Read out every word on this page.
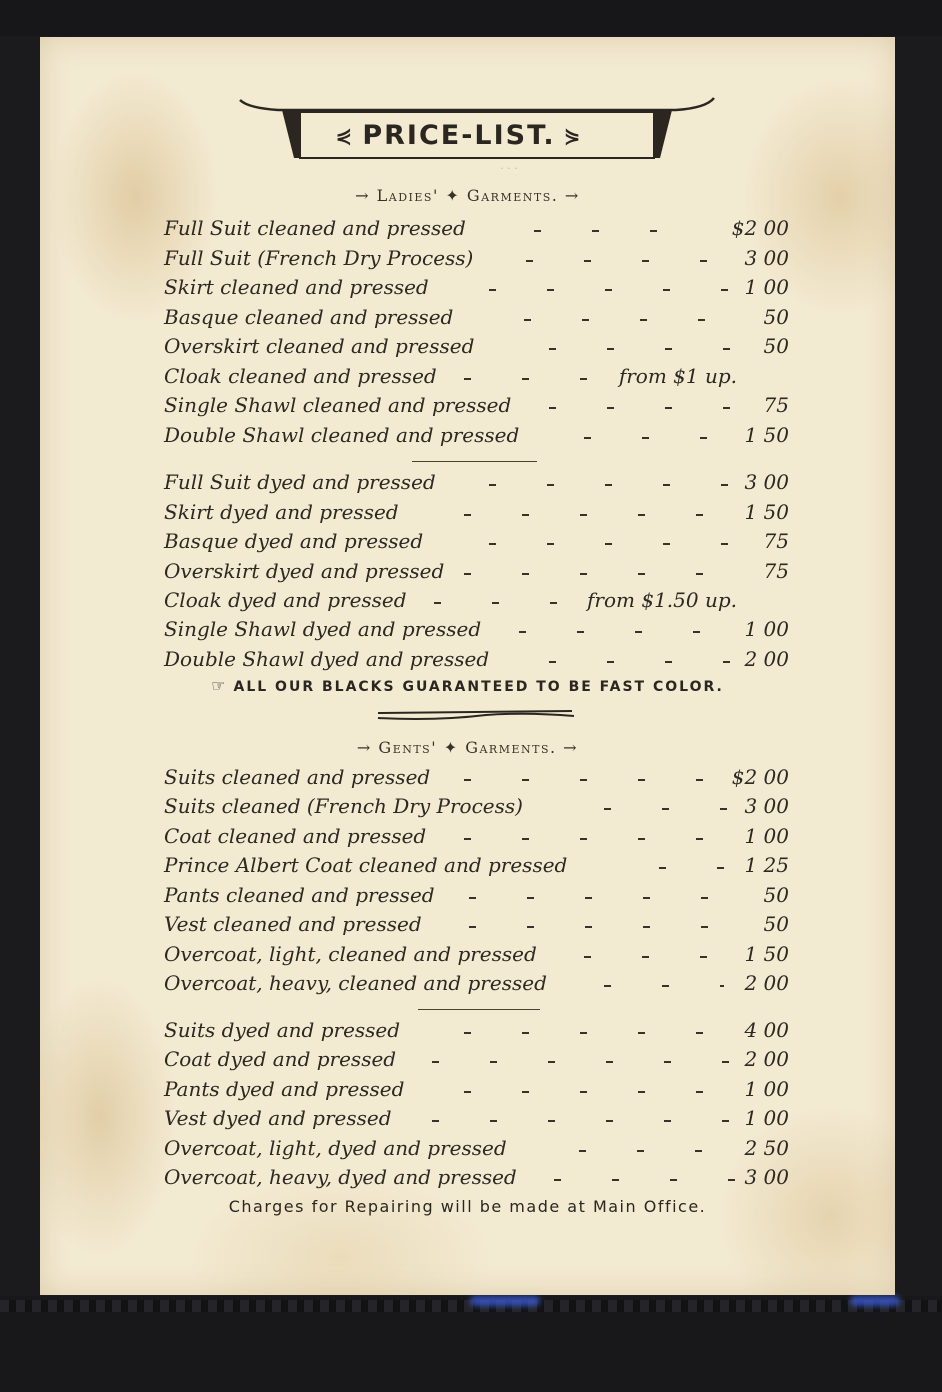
⋞ PRICE-LIST. ⋟
· · ·
→ Ladies' ✦ Garments. →
Full Suit cleaned and pressed	$2 00
Full Suit (French Dry Process)	3 00
Skirt cleaned and pressed	1 00
Basque cleaned and pressed	50
Overskirt cleaned and pressed	50
Cloak cleaned and pressed	from $1 up.
Single Shawl cleaned and pressed	75
Double Shawl cleaned and pressed	1 50
Full Suit dyed and pressed	3 00
Skirt dyed and pressed	1 50
Basque dyed and pressed	75
Overskirt dyed and pressed	75
Cloak dyed and pressed	from $1.50 up.
Single Shawl dyed and pressed	1 00
Double Shawl dyed and pressed	2 00
☞ ALL OUR BLACKS GUARANTEED TO BE FAST COLOR.
→ Gents' ✦ Garments. →
Suits cleaned and pressed	$2 00
Suits cleaned (French Dry Process)	3 00
Coat cleaned and pressed	1 00
Prince Albert Coat cleaned and pressed	1 25
Pants cleaned and pressed	50
Vest cleaned and pressed	50
Overcoat, light, cleaned and pressed	1 50
Overcoat, heavy, cleaned and pressed	2 00
Suits dyed and pressed	4 00
Coat dyed and pressed	2 00
Pants dyed and pressed	1 00
Vest dyed and pressed	1 00
Overcoat, light, dyed and pressed	2 50
Overcoat, heavy, dyed and pressed	3 00
Charges for Repairing will be made at Main Office.
